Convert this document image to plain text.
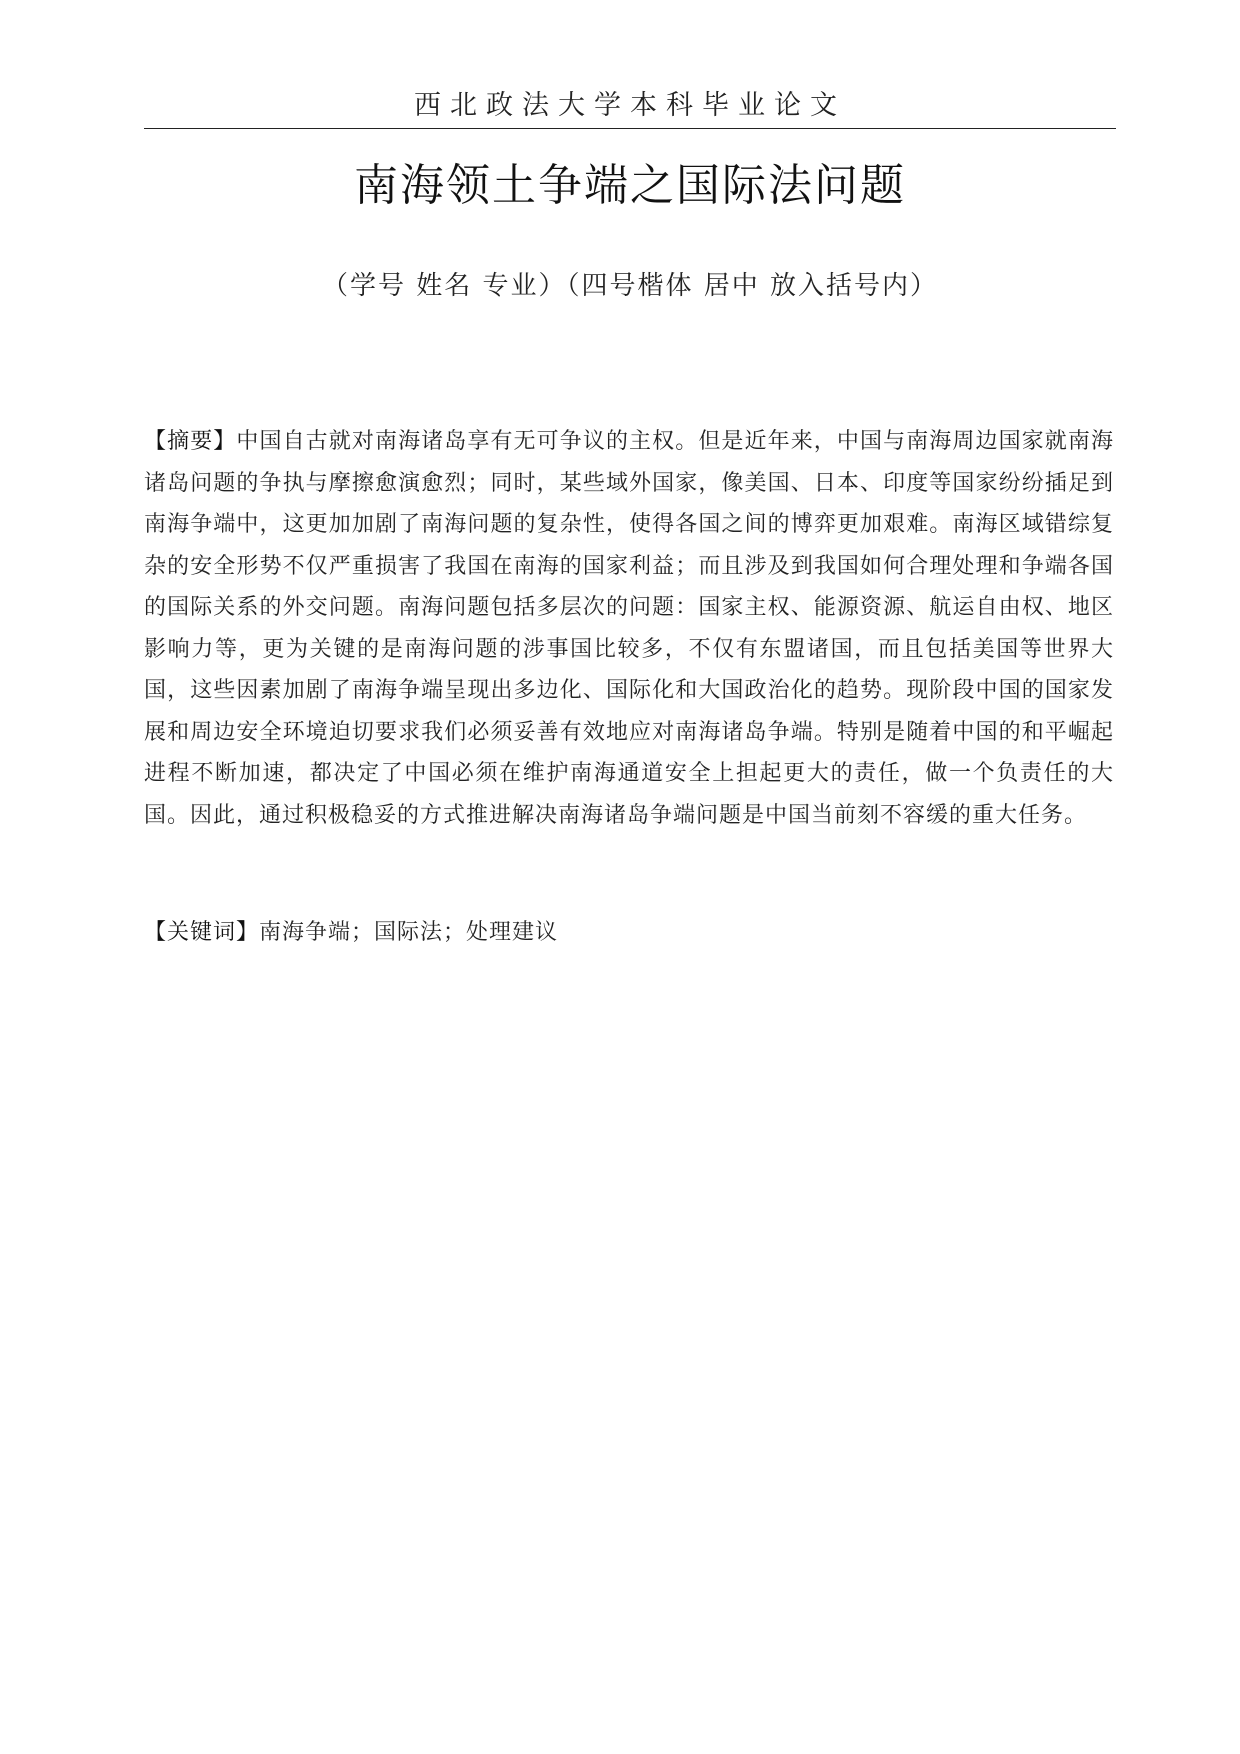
西北政法大学本科毕业论文
南海领土争端之国际法问题
（学号 姓名 专业）（四号楷体 居中 放入括号内）

【摘要】中国自古就对南海诸岛享有无可争议的主权。但是近年来，中国与南海周边国家就南海诸岛问题的争执与摩擦愈演愈烈；同时，某些域外国家，像美国、日本、印度等国家纷纷插足到南海争端中，这更加加剧了南海问题的复杂性，使得各国之间的博弈更加艰难。南海区域错综复杂的安全形势不仅严重损害了我国在南海的国家利益；而且涉及到我国如何合理处理和争端各国的国际关系的外交问题。南海问题包括多层次的问题：国家主权、能源资源、航运自由权、地区影响力等，更为关键的是南海问题的涉事国比较多，不仅有东盟诸国，而且包括美国等世界大国，这些因素加剧了南海争端呈现出多边化、国际化和大国政治化的趋势。现阶段中国的国家发展和周边安全环境迫切要求我们必须妥善有效地应对南海诸岛争端。特别是随着中国的和平崛起进程不断加速，都决定了中国必须在维护南海通道安全上担起更大的责任，做一个负责任的大国。因此，通过积极稳妥的方式推进解决南海诸岛争端问题是中国当前刻不容缓的重大任务。

【关键词】南海争端；国际法；处理建议
